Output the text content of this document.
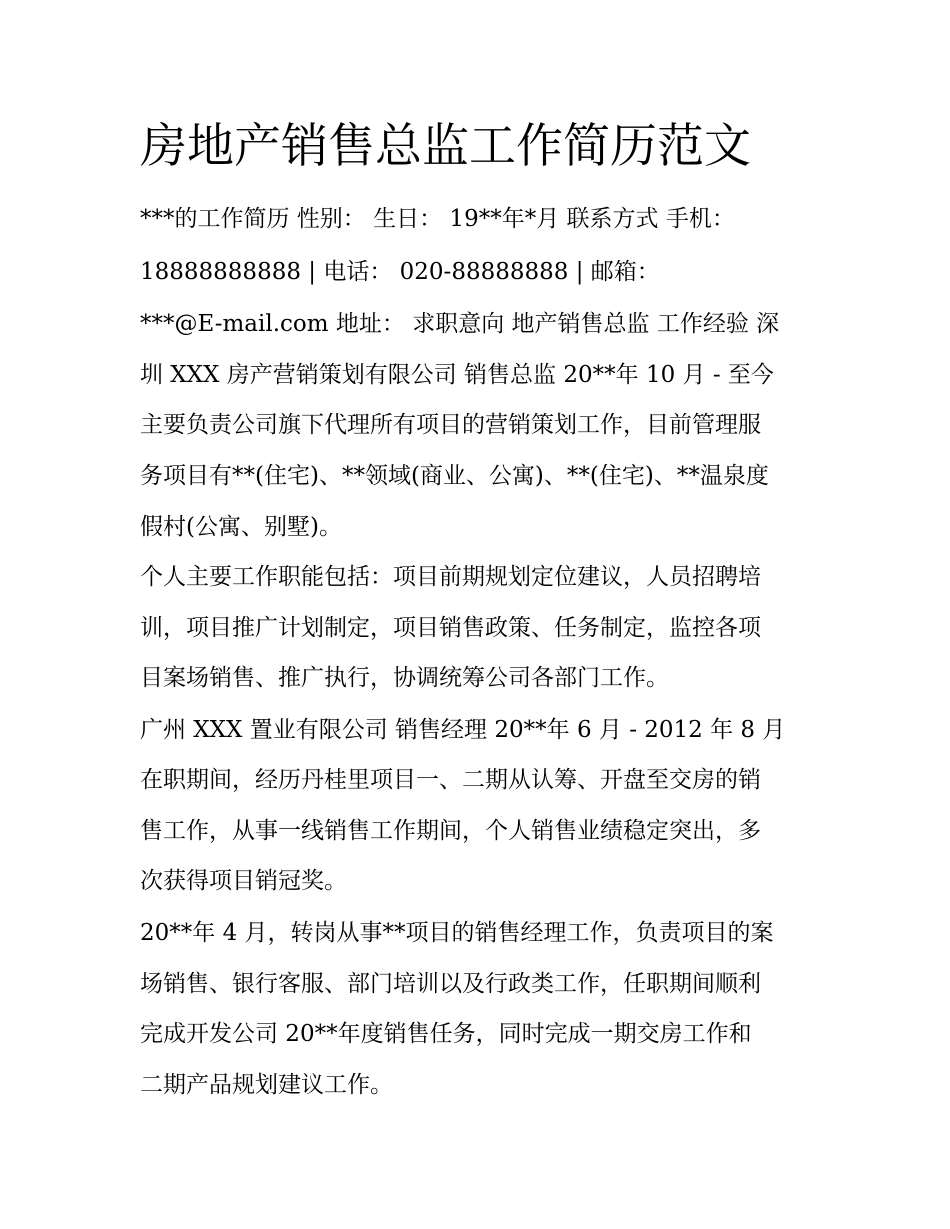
房地产销售总监工作简历范文

***的工作简历 性别： 生日： 19**年*月 联系方式 手机：

18888888888 | 电话： 020-88888888 | 邮箱：

***@E-mail.com 地址： 求职意向 地产销售总监 工作经验 深

圳 XXX 房产营销策划有限公司 销售总监 20**年 10 月 - 至今

主要负责公司旗下代理所有项目的营销策划工作，目前管理服

务项目有**(住宅)、**领域(商业、公寓)、**(住宅)、**温泉度

假村(公寓、别墅)。

个人主要工作职能包括：项目前期规划定位建议，人员招聘培

训，项目推广计划制定，项目销售政策、任务制定，监控各项

目案场销售、推广执行，协调统筹公司各部门工作。

广州 XXX 置业有限公司 销售经理 20**年 6 月 - 2012 年 8 月

在职期间，经历丹桂里项目一、二期从认筹、开盘至交房的销

售工作，从事一线销售工作期间，个人销售业绩稳定突出，多

次获得项目销冠奖。

20**年 4 月，转岗从事**项目的销售经理工作，负责项目的案

场销售、银行客服、部门培训以及行政类工作，任职期间顺利

完成开发公司 20**年度销售任务，同时完成一期交房工作和

二期产品规划建议工作。
